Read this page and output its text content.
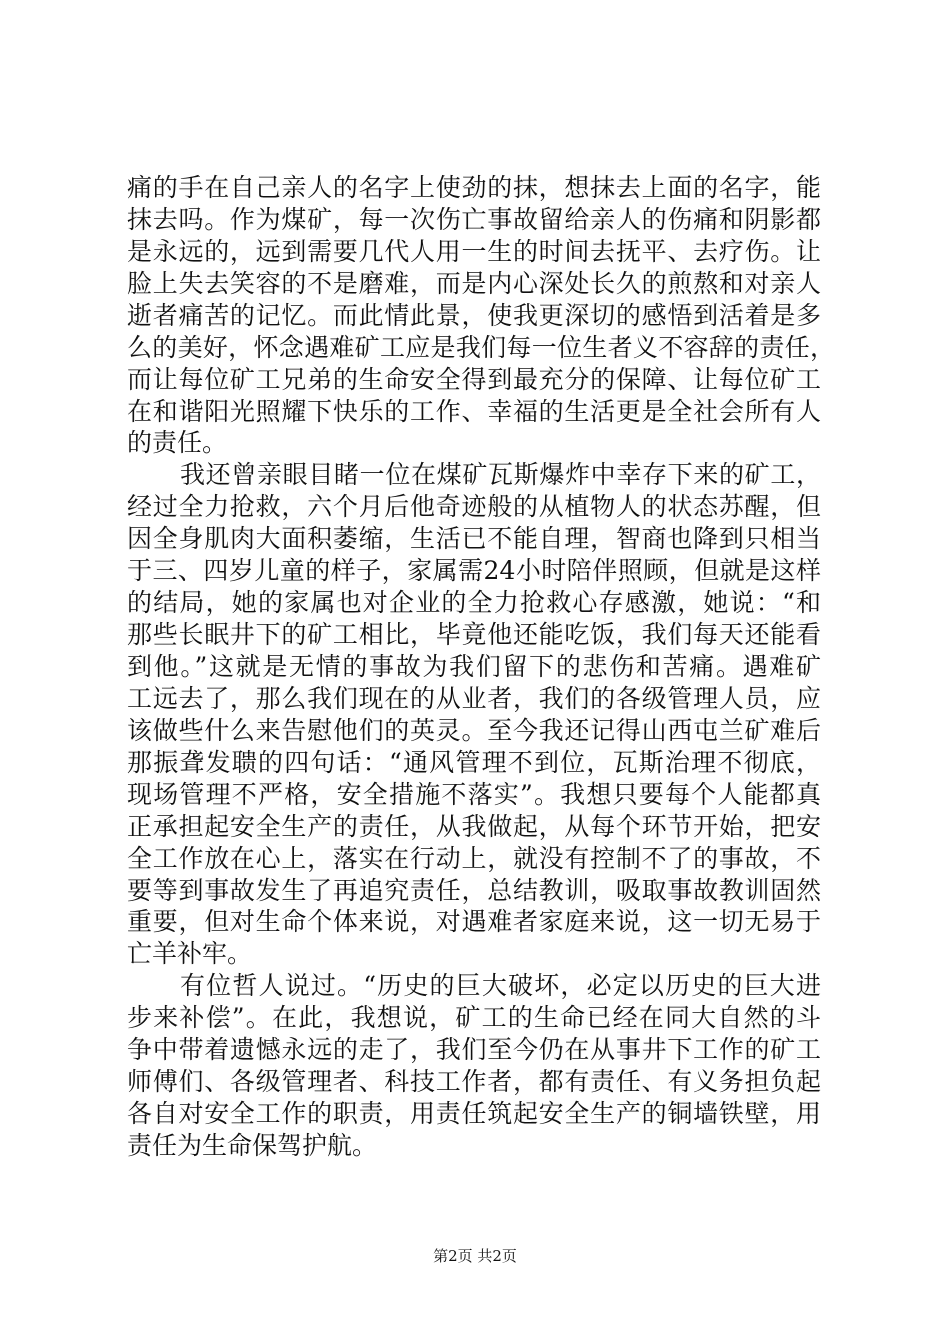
痛的手在自己亲人的名字上使劲的抹，想抹去上面的名字，能
抹去吗。作为煤矿，每一次伤亡事故留给亲人的伤痛和阴影都
是永远的，远到需要几代人用一生的时间去抚平、去疗伤。让
脸上失去笑容的不是磨难，而是内心深处长久的煎熬和对亲人
逝者痛苦的记忆。而此情此景，使我更深切的感悟到活着是多
么的美好，怀念遇难矿工应是我们每一位生者义不容辞的责任，
而让每位矿工兄弟的生命安全得到最充分的保障、让每位矿工
在和谐阳光照耀下快乐的工作、幸福的生活更是全社会所有人
的责任。
我还曾亲眼目睹一位在煤矿瓦斯爆炸中幸存下来的矿工，
经过全力抢救，六个月后他奇迹般的从植物人的状态苏醒，但
因全身肌肉大面积萎缩，生活已不能自理，智商也降到只相当
于三、四岁儿童的样子，家属需24小时陪伴照顾，但就是这样
的结局，她的家属也对企业的全力抢救心存感激，她说：“和
那些长眠井下的矿工相比，毕竟他还能吃饭，我们每天还能看
到他。”这就是无情的事故为我们留下的悲伤和苦痛。遇难矿
工远去了，那么我们现在的从业者，我们的各级管理人员，应
该做些什么来告慰他们的英灵。至今我还记得山西屯兰矿难后
那振聋发聩的四句话：“通风管理不到位，瓦斯治理不彻底，
现场管理不严格，安全措施不落实”。我想只要每个人能都真
正承担起安全生产的责任，从我做起，从每个环节开始，把安
全工作放在心上，落实在行动上，就没有控制不了的事故，不
要等到事故发生了再追究责任，总结教训，吸取事故教训固然
重要，但对生命个体来说，对遇难者家庭来说，这一切无易于
亡羊补牢。
有位哲人说过。“历史的巨大破坏，必定以历史的巨大进
步来补偿”。在此，我想说，矿工的生命已经在同大自然的斗
争中带着遗憾永远的走了，我们至今仍在从事井下工作的矿工
师傅们、各级管理者、科技工作者，都有责任、有义务担负起
各自对安全工作的职责，用责任筑起安全生产的铜墙铁壁，用
责任为生命保驾护航。
第2页 共2页
